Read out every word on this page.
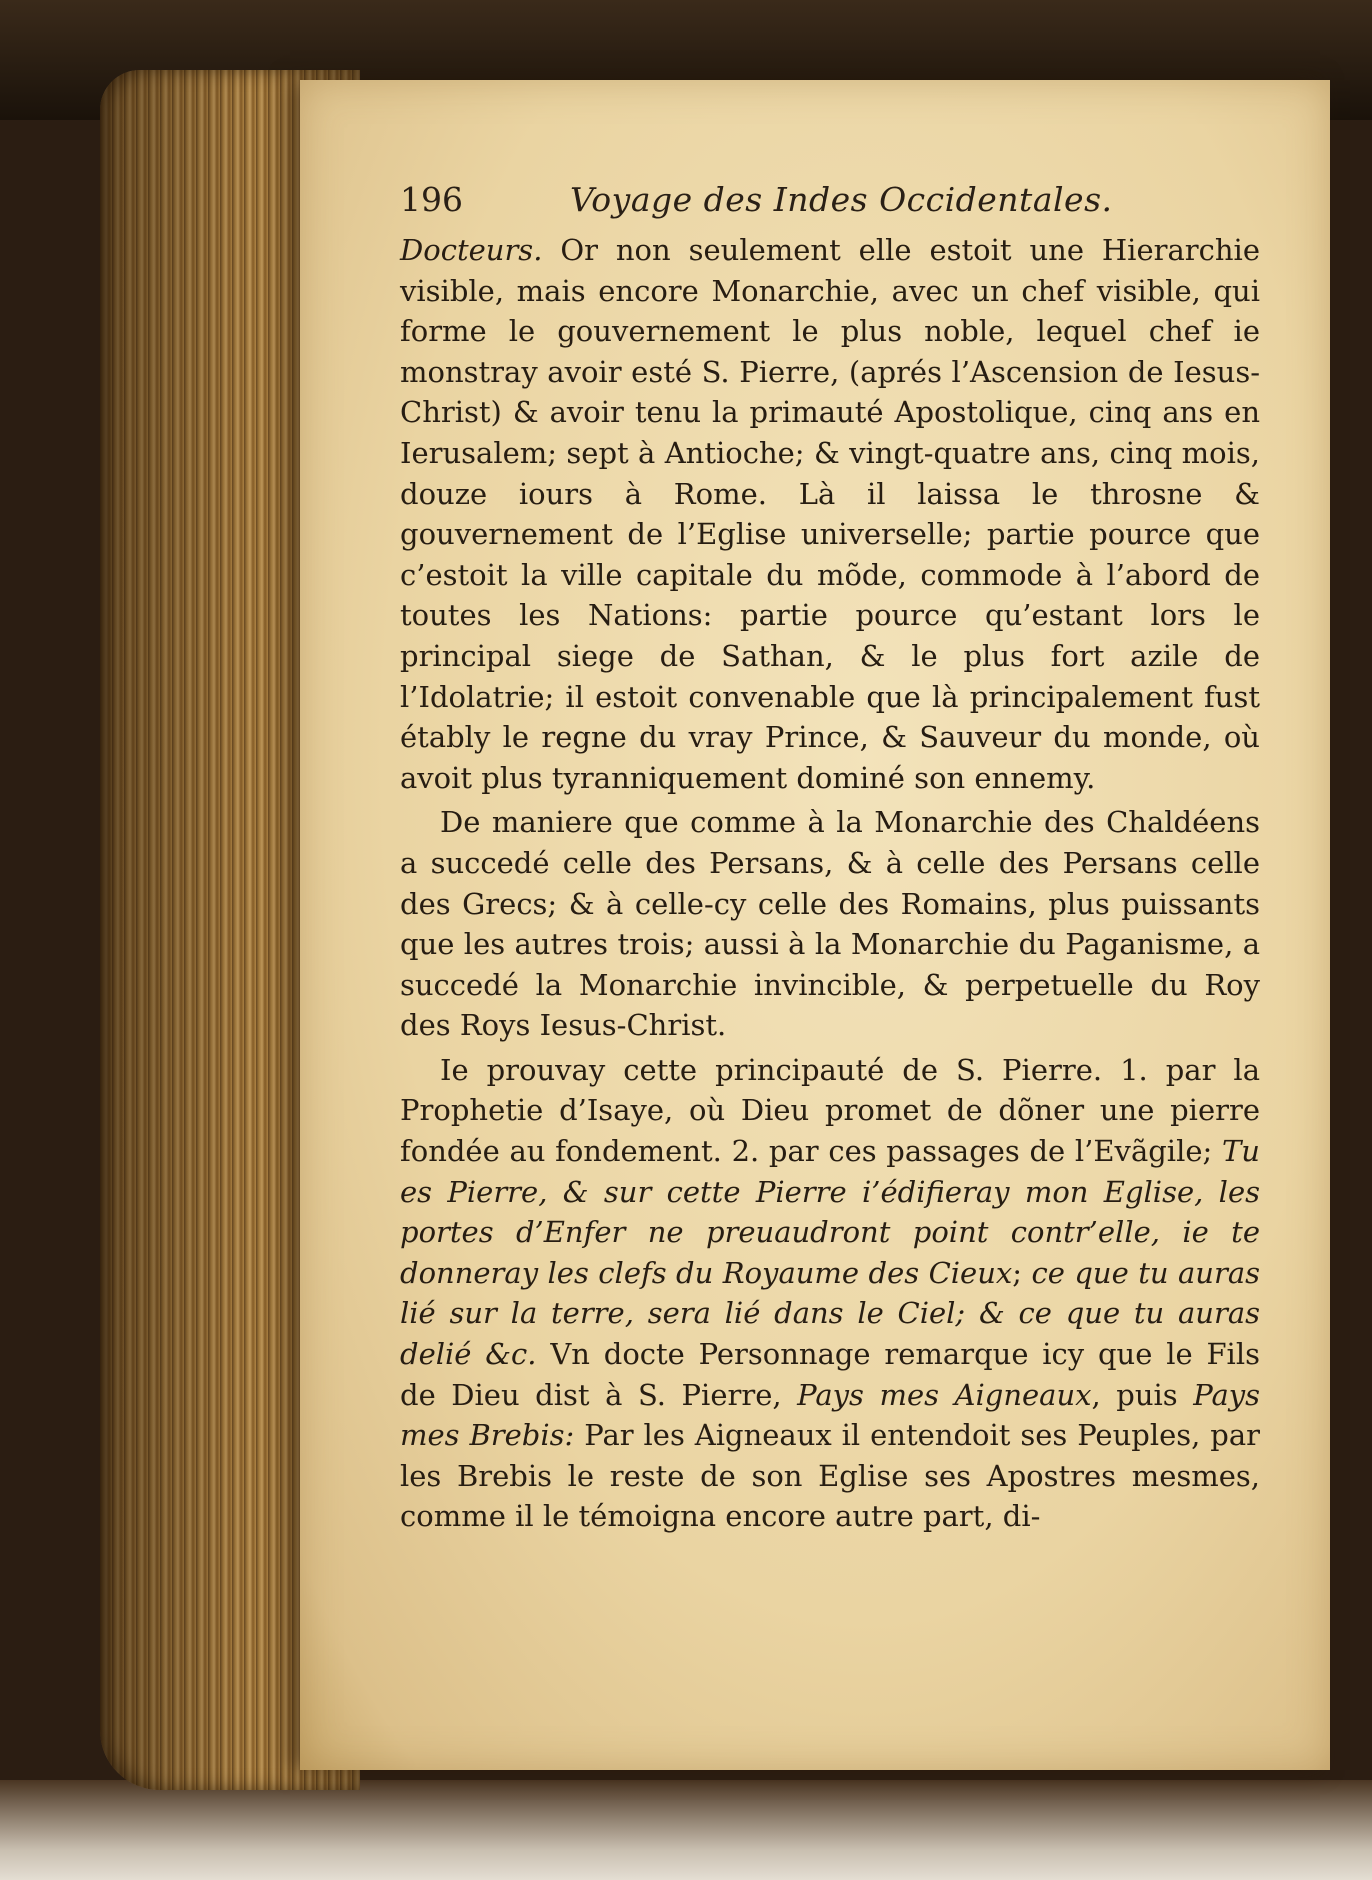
196	Voyage des Indes Occidentales.

Docteurs. Or non seulement elle estoit une Hierarchie visible, mais encore Monarchie, avec un chef visible, qui forme le gouvernement le plus noble, lequel chef ie monstray avoir esté S. Pierre, (aprés l’Ascension de Iesus-Christ) & avoir tenu la primauté Apostolique, cinq ans en Ierusalem; sept à Antioche; & vingt-quatre ans, cinq mois, douze iours à Rome. Là il laissa le throsne & gouvernement de l’Eglise universelle; partie pource que c’estoit la ville capitale du mõde, commode à l’abord de toutes les Nations: partie pource qu’estant lors le principal siege de Sathan, & le plus fort azile de l’Idolatrie; il estoit convenable que là principalement fust étably le regne du vray Prince, & Sauveur du monde, où avoit plus tyranniquement dominé son ennemy.

De maniere que comme à la Monarchie des Chaldéens a succedé celle des Persans, & à celle des Persans celle des Grecs; & à celle-cy celle des Romains, plus puissants que les autres trois; aussi à la Monarchie du Paganisme, a succedé la Monarchie invincible, & perpetuelle du Roy des Roys Iesus-Christ.

Ie prouvay cette principauté de S. Pierre. 1. par la Prophetie d’Isaye, où Dieu promet de dõner une pierre fondée au fondement. 2. par ces passages de l’Evãgile; Tu es Pierre, & sur cette Pierre i’édifieray mon Eglise, les portes d’Enfer ne preuaudront point contr’elle, ie te donneray les clefs du Royaume des Cieux; ce que tu auras lié sur la terre, sera lié dans le Ciel; & ce que tu auras delié &c. Vn docte Personnage remarque icy que le Fils de Dieu dist à S. Pierre, Pays mes Aigneaux, puis Pays mes Brebis: Par les Aigneaux il entendoit ses Peuples, par les Brebis le reste de son Eglise ses Apostres mesmes, comme il le témoigna encore autre part, di-
